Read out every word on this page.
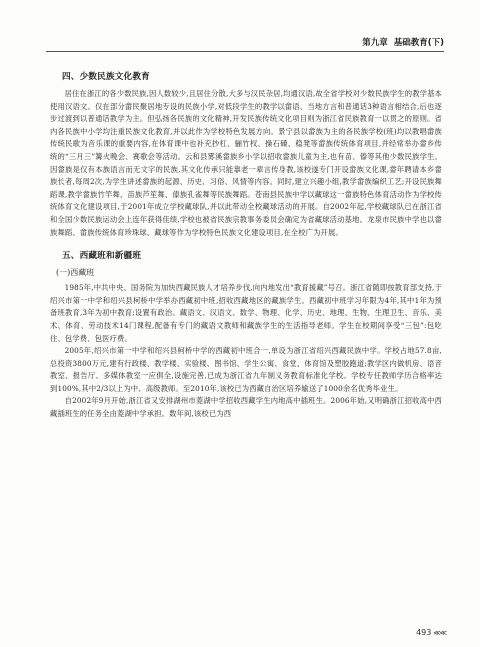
第九章 基础教育(下)
四、少数民族文化教育

居住在浙江的各少数民族,因人数较少,且居住分散,大多与汉民杂居,均通汉语,故全省学校对少数民族学生的教学基本使用汉语文。仅在部分畲民聚居地专设的民族小学,对低段学生的教学以畲语、当地方言和普通话3种语言相结合,后也逐步过渡到以普通话教学为主。但弘扬各民族的文化精神,开发民族传统文化项目则为浙江省民族教育一以贯之的原则。省内各民族中小学均注重民族文化教育,并以此作为学校特色发展方向。景宁县以畲族为主的各民族学校(班)均以教唱畲族传统民歌为音乐课的重要内容,在体育课中也补充抄杠、骊竹杈、操石磉、稳凳等畲族传统体育项目,并经常举办畲乡传统的“三月三”篝火晚会、赛歌会等活动。云和县雾溪畲族乡小学以招收畲族儿童为主,也有苗、傣等其他少数民族学生。因畲族是仅有本族语言而无文字的民族,其文化传承只能靠老一辈言传身教,该校遂专门开设畲族文化课,畲年聘请本乡畲族长者,每周2次,为学生讲述畲族的起源、历史、习俗、风情等内容。同时,建立兴趣小组,教学畲族编织工艺;开设民族舞蹈课,教学畲族竹竿舞、苗族芦笙舞、傣族孔雀舞等民族舞蹈。苍南县民族中学以藏球这一畲族特色体育活动作为学校传统体育文化建设项目,于2001年成立学校藏球队,并以此带动全校藏球活动的开展。自2002年起,学校藏球队已在浙江省和全国少数民族运动会上连年获得佳绩,学校也被省民族宗教事务委员会确定为省藏球活动基地。龙泉市民族中学也以畲族舞蹈、畲族传统体育珍珠球、藏球等作为学校特色民族文化建设项目,在全校广为开展。

五、西藏班和新疆班
(一)西藏班

1985年,中共中央、国务院为加快西藏民族人才培养步伐,向内地发出“教育援藏”号召。浙江省随即按教育部支持,于绍兴市第一中学和绍兴县柯桥中学举办西藏初中班,招收西藏地区的藏族学生。西藏初中班学习年限为4年,其中1年为预备班教育,3年为初中教育;设置有政治、藏语文、汉语文、数学、物理、化学、历史、地理、生物、生理卫生、音乐、美术、体育、劳动技术14门课程,配备有专门的藏语文教师和藏族学生的生活指导老师。学生在校期间享受“三包”:包吃住、包学费、包医疗费。

2005年,绍兴市第一中学和绍兴县柯桥中学的西藏初中班合一,单设为浙江省绍兴西藏民族中学。学校占地57.8亩,总投资3800万元,建有行政楼、教学楼、实验楼、图书馆、学生公寓、食堂、体育馆及塑胶跑道;教学区内做机房、语音教室、报告厅、多媒体教室一应俱全,设施完善,已成为浙江省九年制义务教育标准化学校。学校专任教师学历合格率达到100%,其中2/3以上为中、高级教师。至2010年,该校已为西藏自治区培养输送了1000余名优秀毕业生。

自2002年9月开始,浙江省又安排湖州市菱湖中学招收西藏学生内地高中插班生。2006年始,又明确浙江招收高中西藏插班生的任务全由菱湖中学承担。数年间,该校已为西

493 ≪≪
